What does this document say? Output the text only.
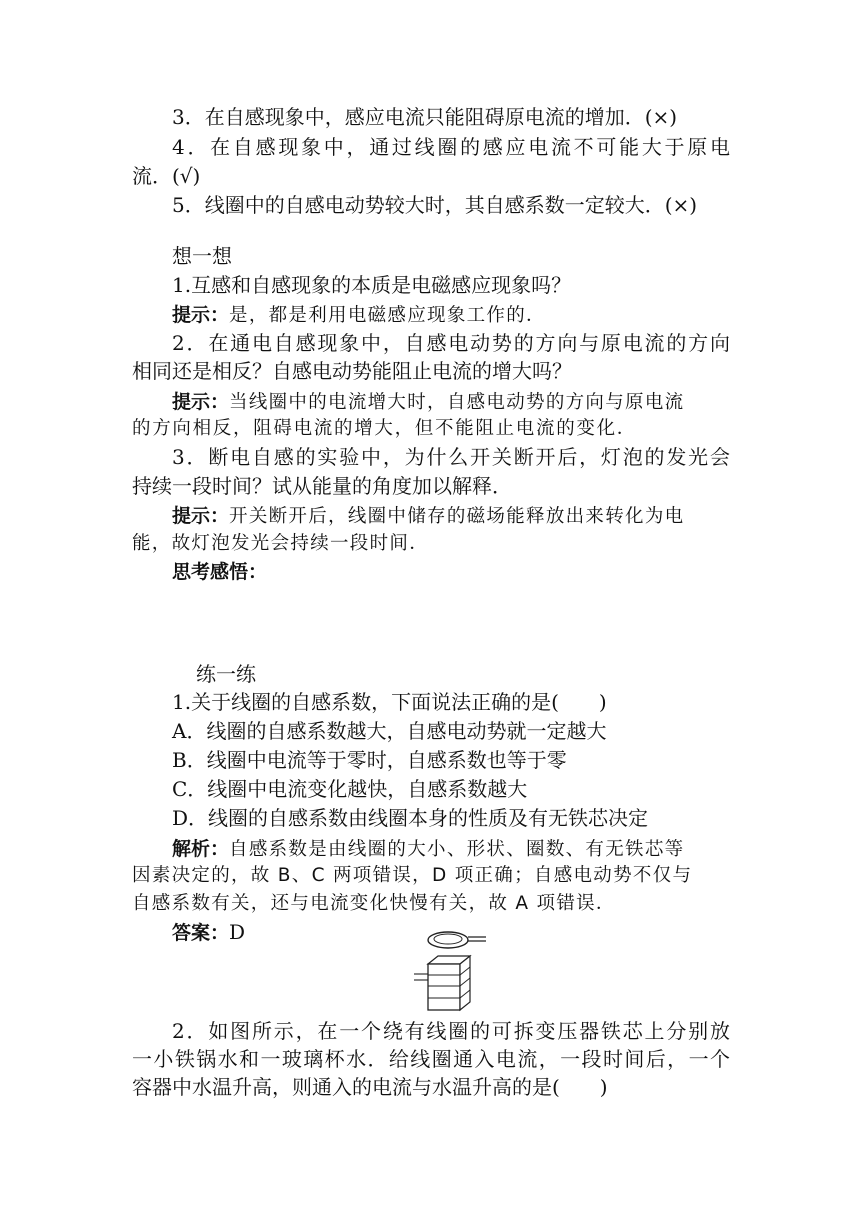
3．在自感现象中，感应电流只能阻碍原电流的增加．(×)
4．在自感现象中，通过线圈的感应电流不可能大于原电
流．(√)
5．线圈中的自感电动势较大时，其自感系数一定较大．(×)
想一想
1.互感和自感现象的本质是电磁感应现象吗？
提示：是，都是利用电磁感应现象工作的．
2．在通电自感现象中，自感电动势的方向与原电流的方向
相同还是相反？自感电动势能阻止电流的增大吗？
提示：当线圈中的电流增大时，自感电动势的方向与原电流
的方向相反，阻碍电流的增大，但不能阻止电流的变化．
3．断电自感的实验中，为什么开关断开后，灯泡的发光会
持续一段时间？试从能量的角度加以解释．
提示：开关断开后，线圈中储存的磁场能释放出来转化为电
能，故灯泡发光会持续一段时间．
思考感悟：
练一练
1.关于线圈的自感系数，下面说法正确的是(　　)
A．线圈的自感系数越大，自感电动势就一定越大
B．线圈中电流等于零时，自感系数也等于零
C．线圈中电流变化越快，自感系数越大
D．线圈的自感系数由线圈本身的性质及有无铁芯决定
解析：自感系数是由线圈的大小、形状、圈数、有无铁芯等
因素决定的，故 B、C 两项错误，D 项正确；自感电动势不仅与
自感系数有关，还与电流变化快慢有关，故 A 项错误．
答案：D
2．如图所示，在一个绕有线圈的可拆变压器铁芯上分别放
一小铁锅水和一玻璃杯水．给线圈通入电流，一段时间后，一个
容器中水温升高，则通入的电流与水温升高的是(　　)
